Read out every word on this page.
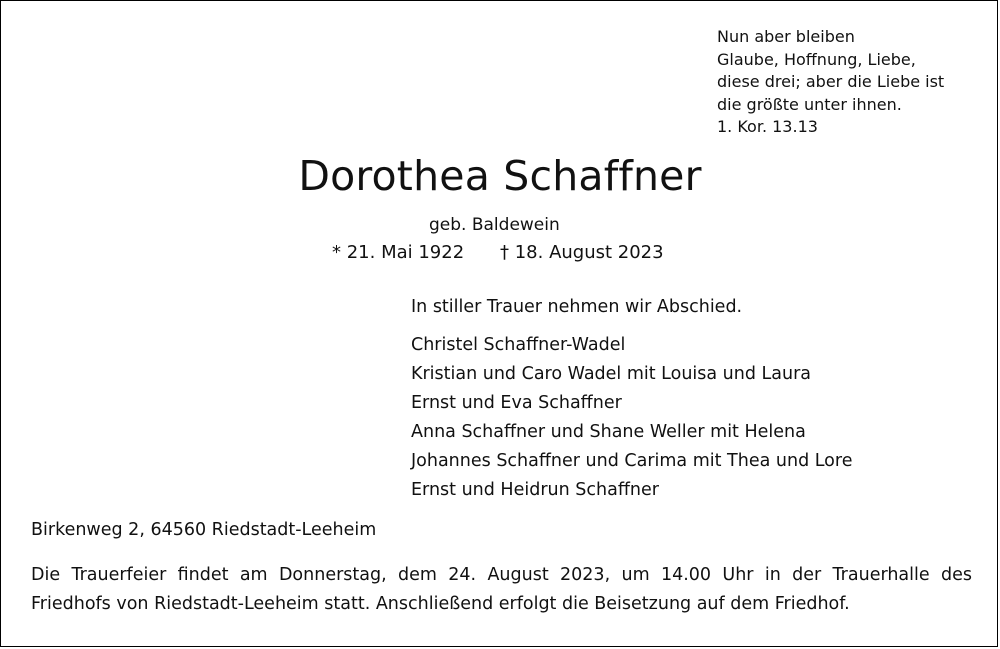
Nun aber bleiben
Glaube, Hoffnung, Liebe,
diese drei; aber die Liebe ist
die größte unter ihnen.
1. Kor. 13.13
Dorothea Schaffner
geb. Baldewein
* 21. Mai 1922 † 18. August 2023
In stiller Trauer nehmen wir Abschied.
Christel Schaffner-Wadel
Kristian und Caro Wadel mit Louisa und Laura
Ernst und Eva Schaffner
Anna Schaffner und Shane Weller mit Helena
Johannes Schaffner und Carima mit Thea und Lore
Ernst und Heidrun Schaffner
Birkenweg 2, 64560 Riedstadt-Leeheim
Die Trauerfeier findet am Donnerstag, dem 24. August 2023, um 14.00 Uhr in der Trauerhalle des
Friedhofs von Riedstadt-Leeheim statt. Anschließend erfolgt die Beisetzung auf dem Friedhof.
